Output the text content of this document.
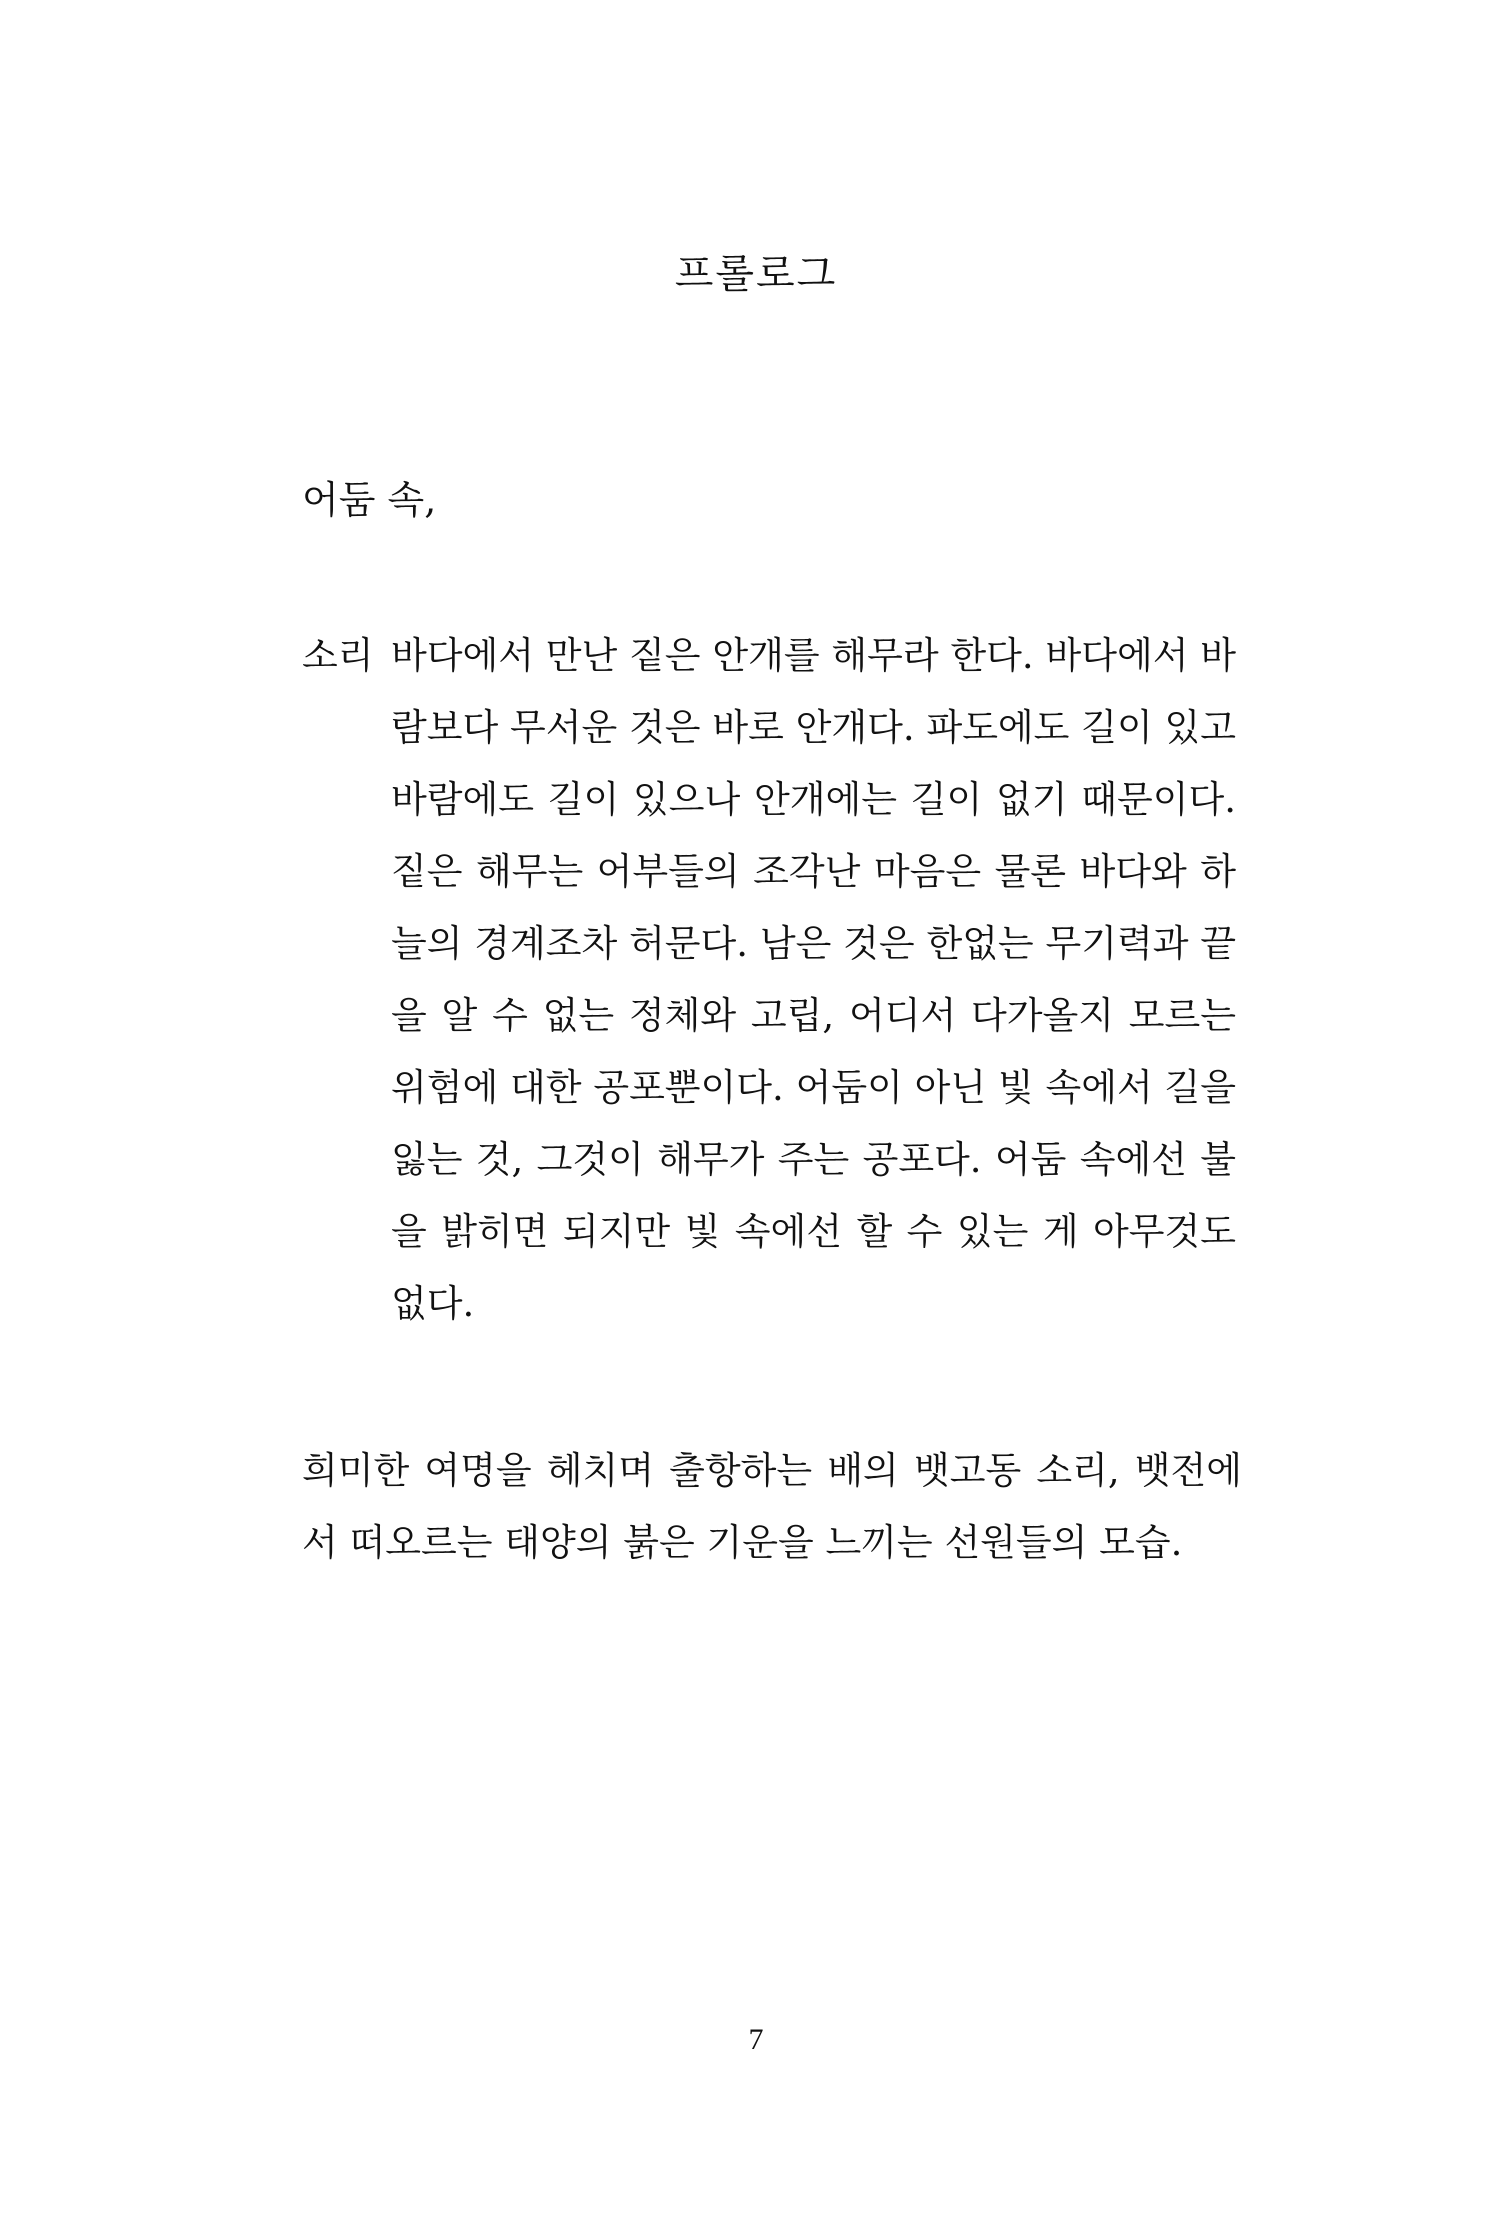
프롤로그

어둠 속,

소리 바다에서 만난 짙은 안개를 해무라 한다. 바다에서 바
람보다 무서운 것은 바로 안개다. 파도에도 길이 있고
바람에도 길이 있으나 안개에는 길이 없기 때문이다.
짙은 해무는 어부들의 조각난 마음은 물론 바다와 하
늘의 경계조차 허문다. 남은 것은 한없는 무기력과 끝
을 알 수 없는 정체와 고립, 어디서 다가올지 모르는
위험에 대한 공포뿐이다. 어둠이 아닌 빛 속에서 길을
잃는 것, 그것이 해무가 주는 공포다. 어둠 속에선 불
을 밝히면 되지만 빛 속에선 할 수 있는 게 아무것도
없다.
희미한 여명을 헤치며 출항하는 배의 뱃고동 소리, 뱃전에
서 떠오르는 태양의 붉은 기운을 느끼는 선원들의 모습.

7
